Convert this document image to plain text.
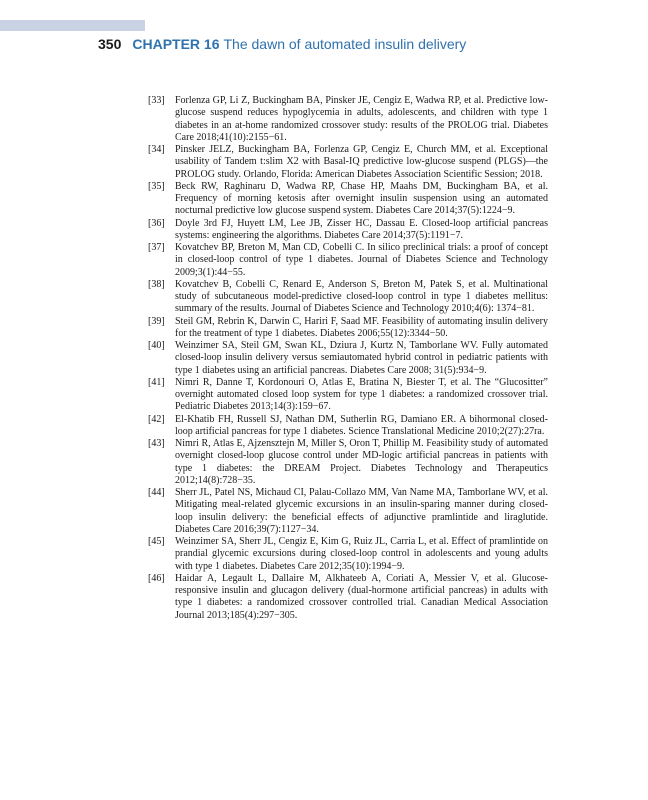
350 CHAPTER 16 The dawn of automated insulin delivery
[33]	Forlenza GP, Li Z, Buckingham BA, Pinsker JE, Cengiz E, Wadwa RP, et al. Predictive low-glucose suspend reduces hypoglycemia in adults, adolescents, and children with type 1 diabetes in an at-home randomized crossover study: results of the PROLOG trial. Diabetes Care 2018;41(10):2155−61.
[34]	Pinsker JELZ, Buckingham BA, Forlenza GP, Cengiz E, Church MM, et al. Exceptional usability of Tandem t:slim X2 with Basal-IQ predictive low-glucose suspend (PLGS)—the PROLOG study. Orlando, Florida: American Diabetes Association Scientific Session; 2018.
[35]	Beck RW, Raghinaru D, Wadwa RP, Chase HP, Maahs DM, Buckingham BA, et al. Frequency of morning ketosis after overnight insulin suspension using an automated nocturnal predictive low glucose suspend system. Diabetes Care 2014;37(5):1224−9.
[36]	Doyle 3rd FJ, Huyett LM, Lee JB, Zisser HC, Dassau E. Closed-loop artificial pancreas systems: engineering the algorithms. Diabetes Care 2014;37(5):1191−7.
[37]	Kovatchev BP, Breton M, Man CD, Cobelli C. In silico preclinical trials: a proof of concept in closed-loop control of type 1 diabetes. Journal of Diabetes Science and Technology 2009;3(1):44−55.
[38]	Kovatchev B, Cobelli C, Renard E, Anderson S, Breton M, Patek S, et al. Multinational study of subcutaneous model-predictive closed-loop control in type 1 diabetes mellitus: summary of the results. Journal of Diabetes Science and Technology 2010;4(6): 1374−81.
[39]	Steil GM, Rebrin K, Darwin C, Hariri F, Saad MF. Feasibility of automating insulin delivery for the treatment of type 1 diabetes. Diabetes 2006;55(12):3344−50.
[40]	Weinzimer SA, Steil GM, Swan KL, Dziura J, Kurtz N, Tamborlane WV. Fully automated closed-loop insulin delivery versus semiautomated hybrid control in pediatric patients with type 1 diabetes using an artificial pancreas. Diabetes Care 2008; 31(5):934−9.
[41]	Nimri R, Danne T, Kordonouri O, Atlas E, Bratina N, Biester T, et al. The “Glucositter” overnight automated closed loop system for type 1 diabetes: a randomized crossover trial. Pediatric Diabetes 2013;14(3):159−67.
[42]	El-Khatib FH, Russell SJ, Nathan DM, Sutherlin RG, Damiano ER. A bihormonal closed-loop artificial pancreas for type 1 diabetes. Science Translational Medicine 2010;2(27):27ra.
[43]	Nimri R, Atlas E, Ajzensztejn M, Miller S, Oron T, Phillip M. Feasibility study of automated overnight closed-loop glucose control under MD-logic artificial pancreas in patients with type 1 diabetes: the DREAM Project. Diabetes Technology and Therapeutics 2012;14(8):728−35.
[44]	Sherr JL, Patel NS, Michaud CI, Palau-Collazo MM, Van Name MA, Tamborlane WV, et al. Mitigating meal-related glycemic excursions in an insulin-sparing manner during closed-loop insulin delivery: the beneficial effects of adjunctive pramlintide and liraglutide. Diabetes Care 2016;39(7):1127−34.
[45]	Weinzimer SA, Sherr JL, Cengiz E, Kim G, Ruiz JL, Carria L, et al. Effect of pramlintide on prandial glycemic excursions during closed-loop control in adolescents and young adults with type 1 diabetes. Diabetes Care 2012;35(10):1994−9.
[46]	Haidar A, Legault L, Dallaire M, Alkhateeb A, Coriati A, Messier V, et al. Glucose-responsive insulin and glucagon delivery (dual-hormone artificial pancreas) in adults with type 1 diabetes: a randomized crossover controlled trial. Canadian Medical Association Journal 2013;185(4):297−305.
